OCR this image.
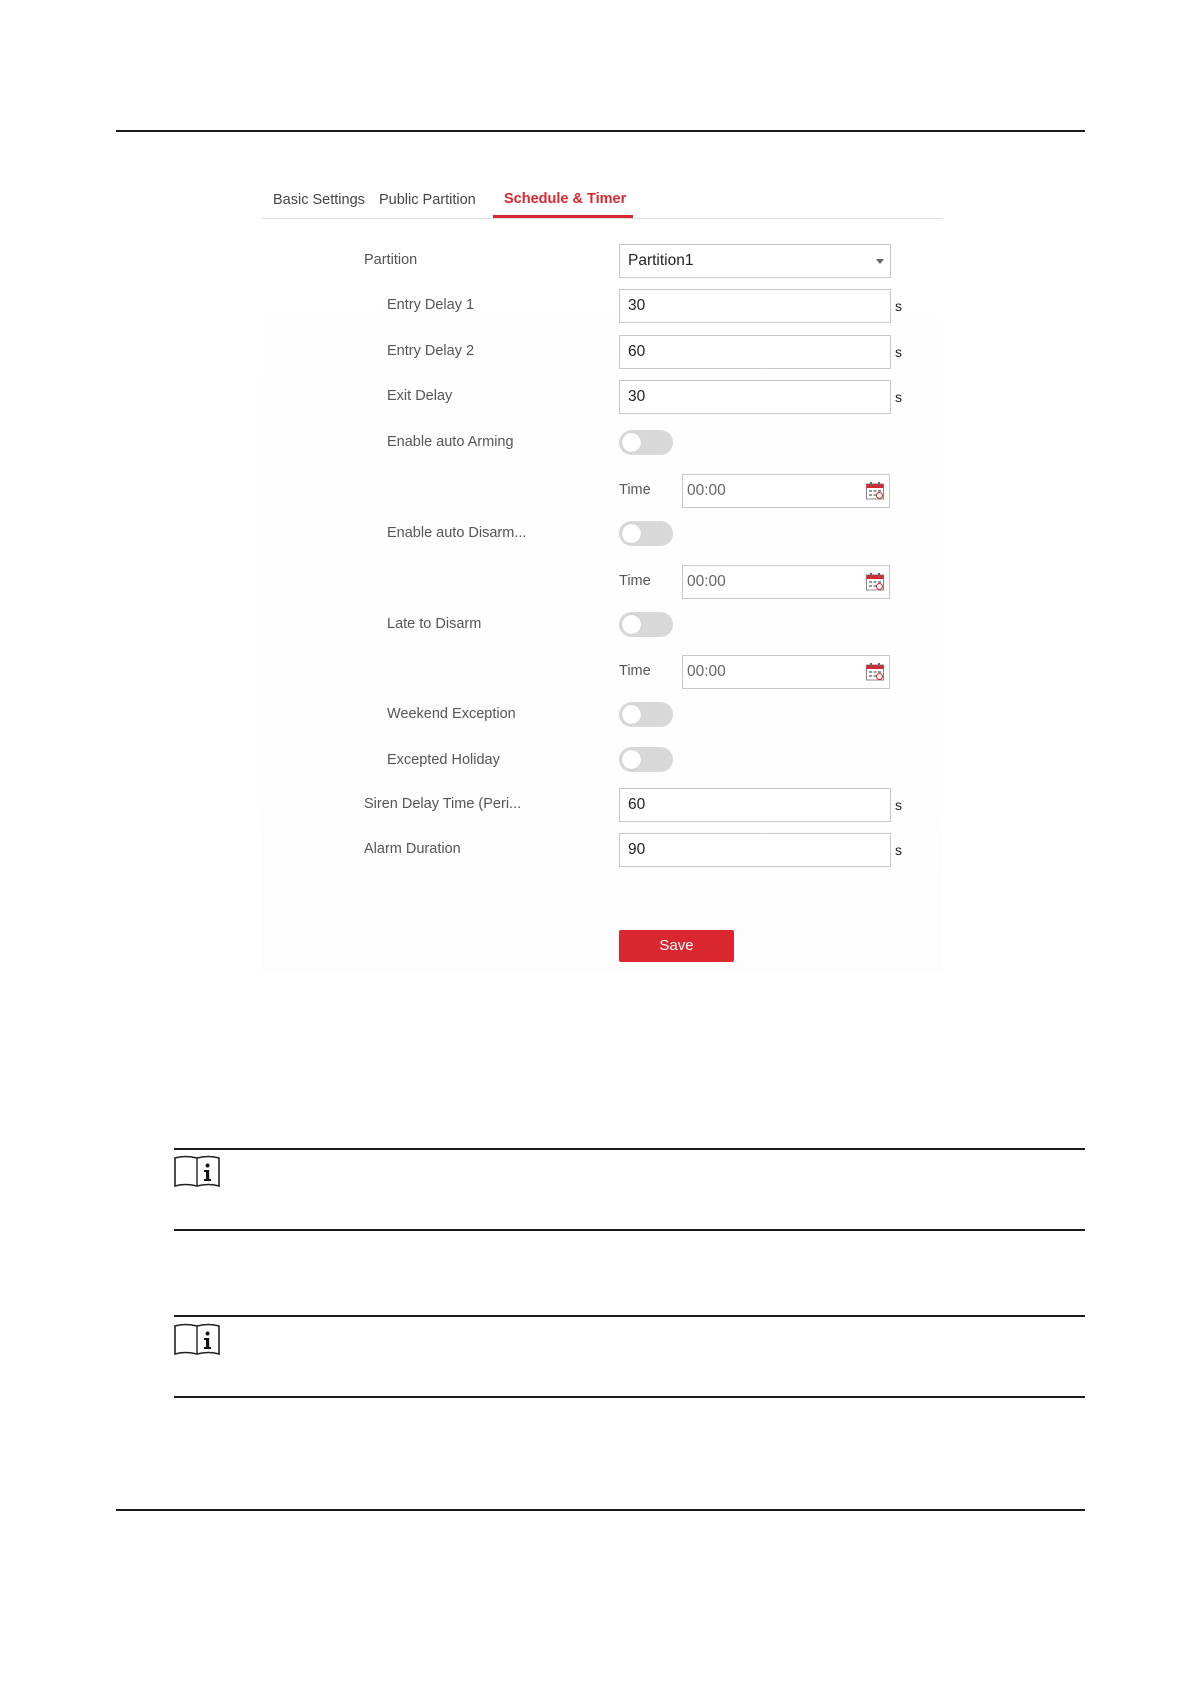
Basic Settings Public Partition Schedule & Timer
Partition	Partition1
Entry Delay 1	30	s
Entry Delay 2	60	s
Exit Delay	30	s
Enable auto Arming
Time	00:00
Enable auto Disarm...
Time	00:00
Late to Disarm
Time	00:00
Weekend Exception
Excepted Holiday
Siren Delay Time (Peri...	60	s
Alarm Duration	90	s
Save
